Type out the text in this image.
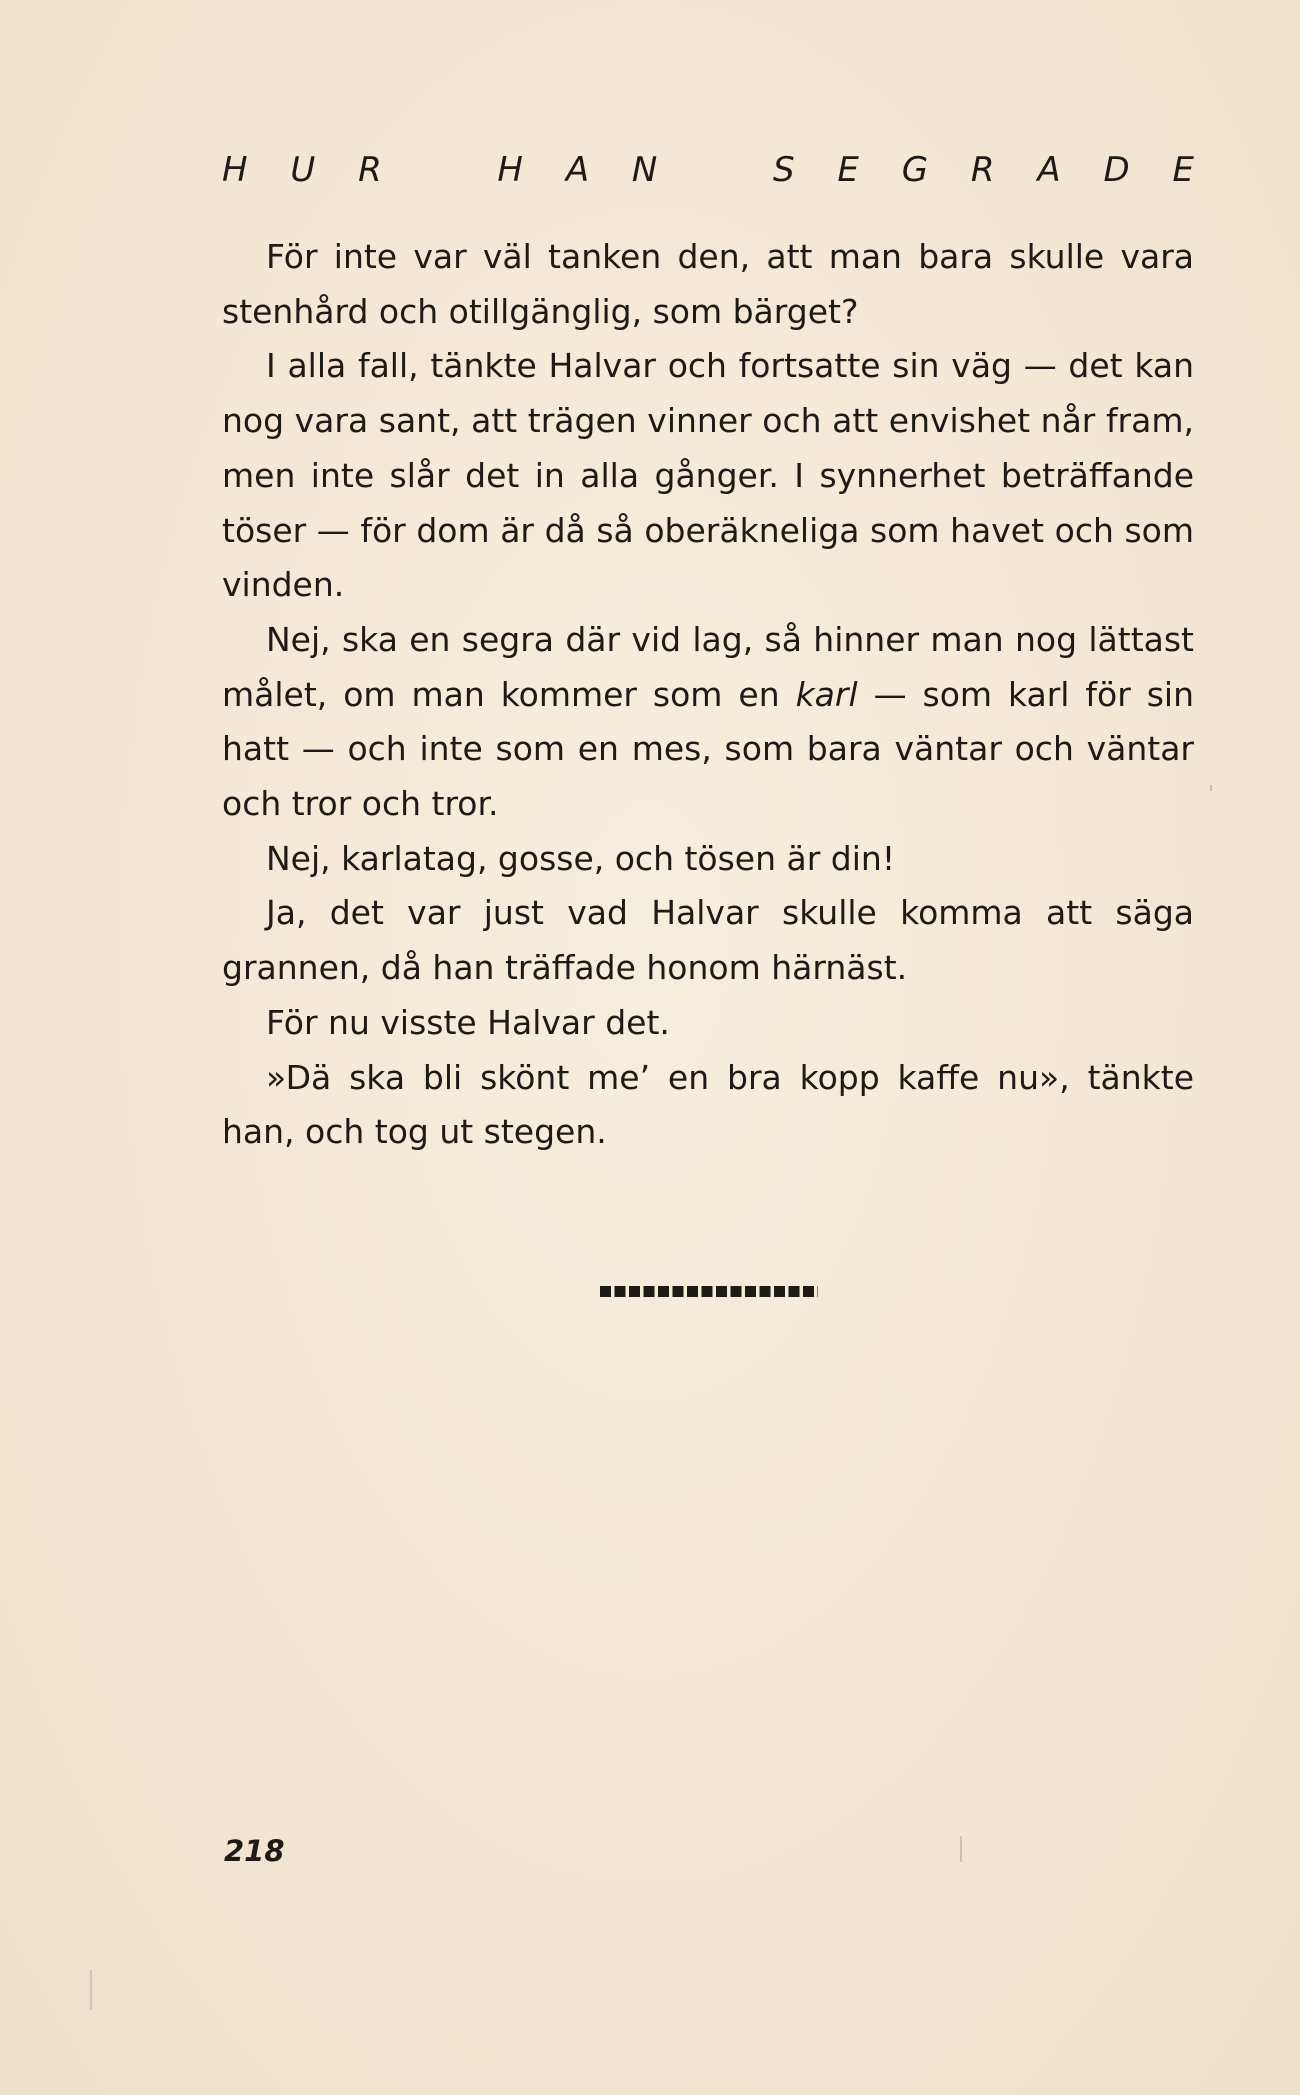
H U R	H A N	S E G R A D E

För inte var väl tanken den, att man bara skulle vara stenhård och otillgänglig, som bärget?

I alla fall, tänkte Halvar och fortsatte sin väg — det kan nog vara sant, att trägen vinner och att envishet når fram, men inte slår det in alla gånger. I synnerhet beträffande töser — för dom är då så oberäkneliga som havet och som vinden.

Nej, ska en segra där vid lag, så hinner man nog lättast målet, om man kommer som en karl — som karl för sin hatt — och inte som en mes, som bara väntar och väntar och tror och tror.

Nej, karlatag, gosse, och tösen är din!

Ja, det var just vad Halvar skulle komma att säga grannen, då han träffade honom härnäst.

För nu visste Halvar det.

»Dä ska bli skönt me’ en bra kopp kaffe nu», tänkte han, och tog ut stegen.

218
